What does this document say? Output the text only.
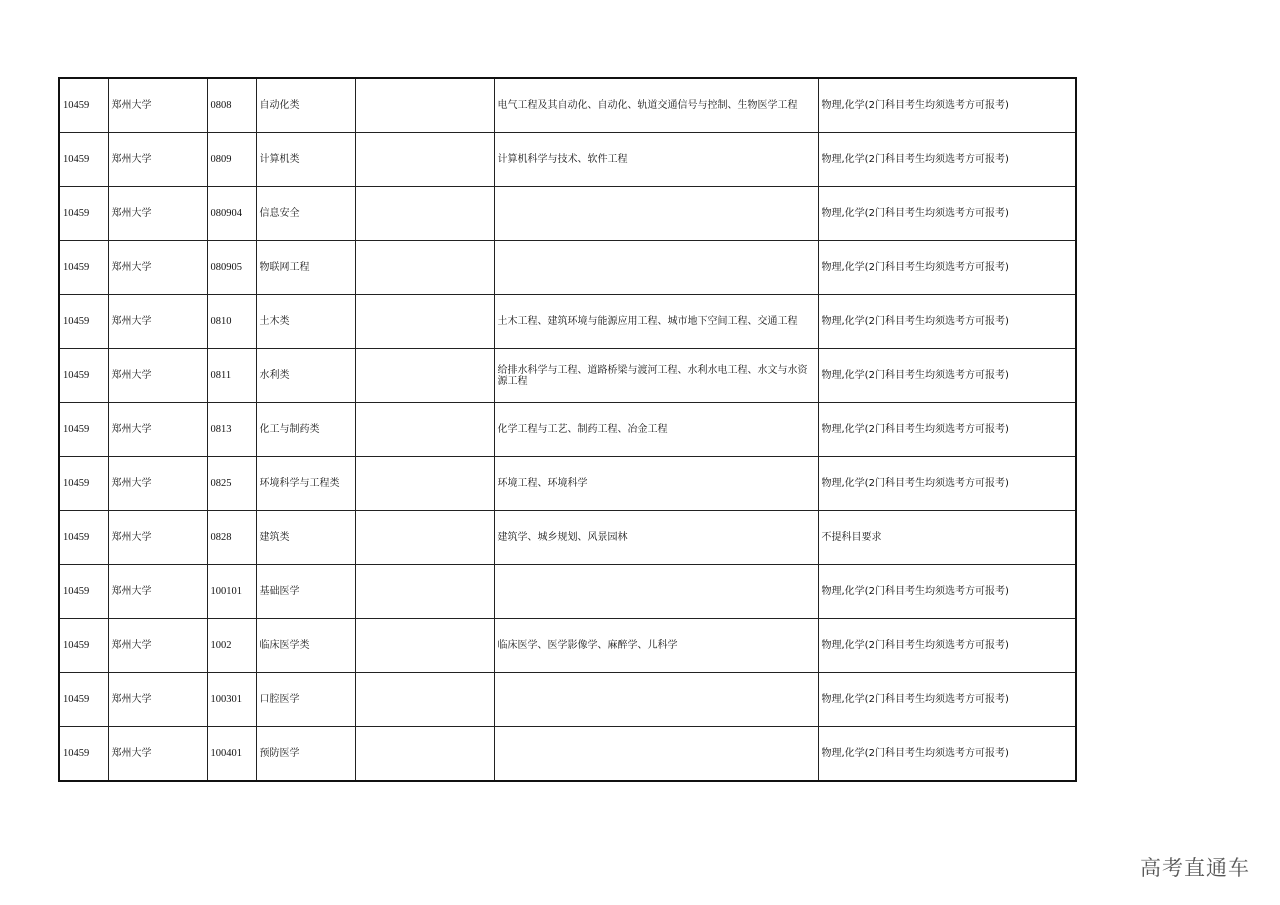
10459	郑州大学	0808	自动化类		电气工程及其自动化、自动化、轨道交通信号与控制、生物医学工程	物理,化学(2门科目考生均须选考方可报考)
10459	郑州大学	0809	计算机类		计算机科学与技术、软件工程	物理,化学(2门科目考生均须选考方可报考)
10459	郑州大学	080904	信息安全			物理,化学(2门科目考生均须选考方可报考)
10459	郑州大学	080905	物联网工程			物理,化学(2门科目考生均须选考方可报考)
10459	郑州大学	0810	土木类		土木工程、建筑环境与能源应用工程、城市地下空间工程、交通工程	物理,化学(2门科目考生均须选考方可报考)
10459	郑州大学	0811	水利类		给排水科学与工程、道路桥梁与渡河工程、水利水电工程、水文与水资源工程	物理,化学(2门科目考生均须选考方可报考)
10459	郑州大学	0813	化工与制药类		化学工程与工艺、制药工程、冶金工程	物理,化学(2门科目考生均须选考方可报考)
10459	郑州大学	0825	环境科学与工程类		环境工程、环境科学	物理,化学(2门科目考生均须选考方可报考)
10459	郑州大学	0828	建筑类		建筑学、城乡规划、风景园林	不提科目要求
10459	郑州大学	100101	基础医学			物理,化学(2门科目考生均须选考方可报考)
10459	郑州大学	1002	临床医学类		临床医学、医学影像学、麻醉学、儿科学	物理,化学(2门科目考生均须选考方可报考)
10459	郑州大学	100301	口腔医学			物理,化学(2门科目考生均须选考方可报考)
10459	郑州大学	100401	预防医学			物理,化学(2门科目考生均须选考方可报考)
高考直通车
